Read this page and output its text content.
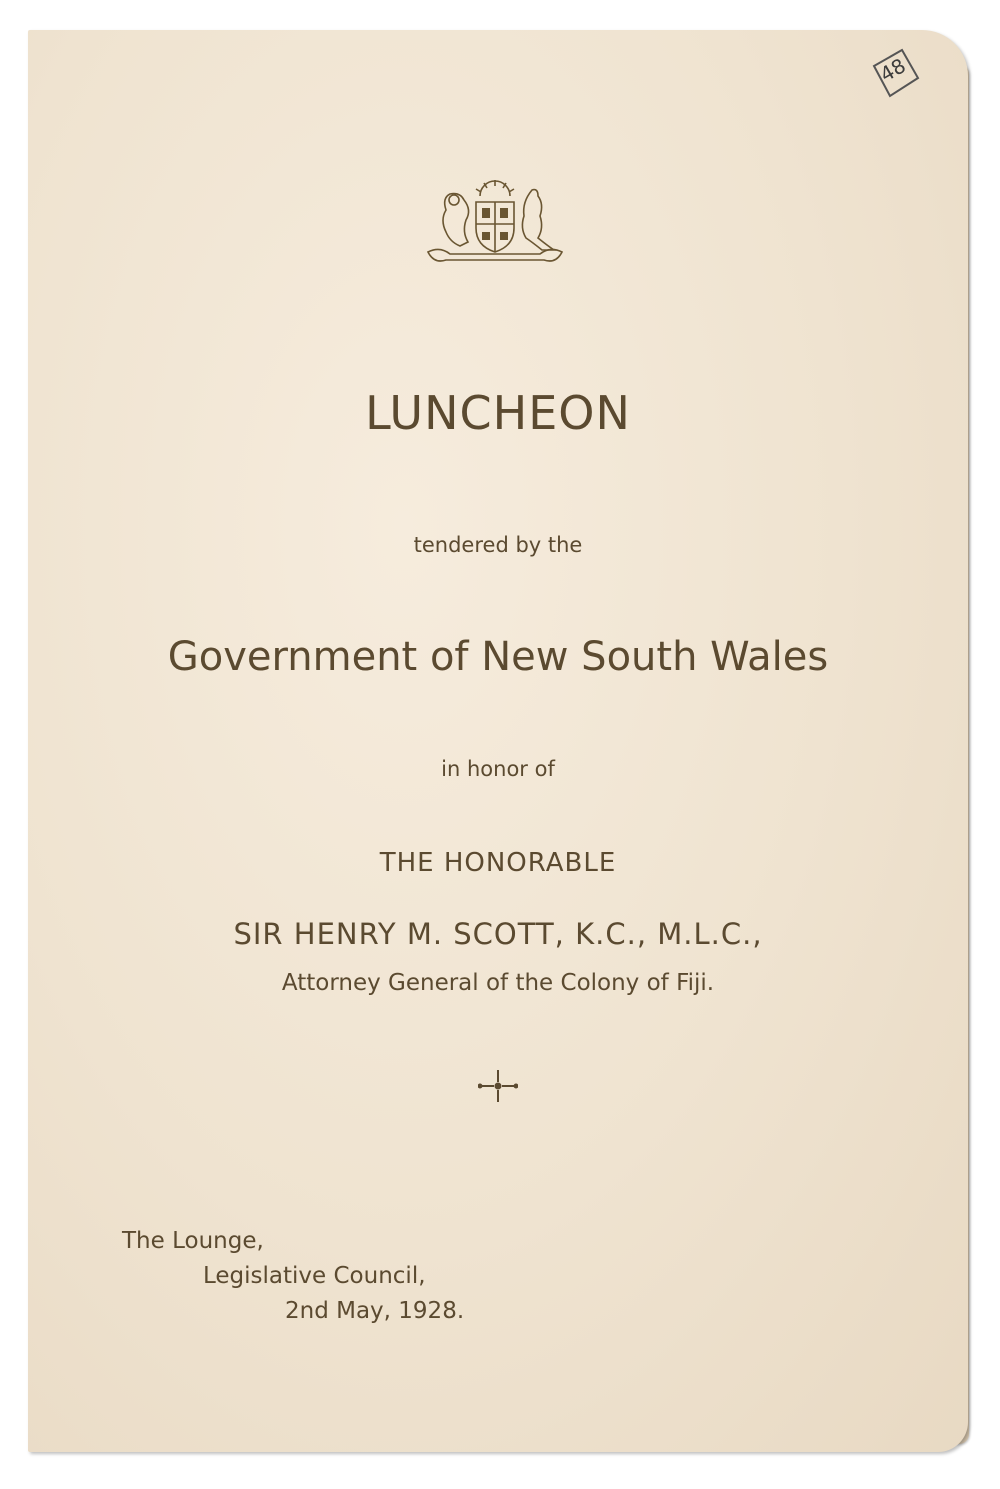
48
LUNCHEON
tendered by the
Government of New South Wales
in honor of
THE HONORABLE
SIR HENRY M. SCOTT, K.C., M.L.C.,
Attorney General of the Colony of Fiji.
The Lounge,
Legislative Council,
2nd May, 1928.
